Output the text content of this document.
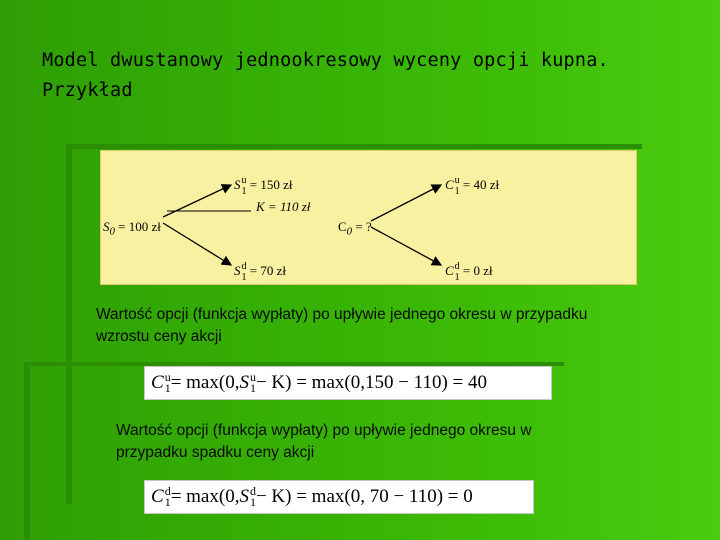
Model dwustanowy jednookresowy wyceny opcji kupna. Przykład
$S_0 = 100$ zł
S u
1 = 150 zł
K = 110 zł
S d
1 = 70 zł
$C_0$ = ?
C u
1 = 40 zł
C d
1 = 0 zł
Wartość opcji (funkcja wypłaty) po upływie jednego okresu w przypadku wzrostu ceny akcji
C u
1 = max(0, S u
1 − K) = max(0,150 − 110) = 40
Wartość opcji (funkcja wypłaty) po upływie jednego okresu w przypadku spadku ceny akcji
C d
1 = max(0, S d
1 − K) = max(0, 70 − 110) = 0
